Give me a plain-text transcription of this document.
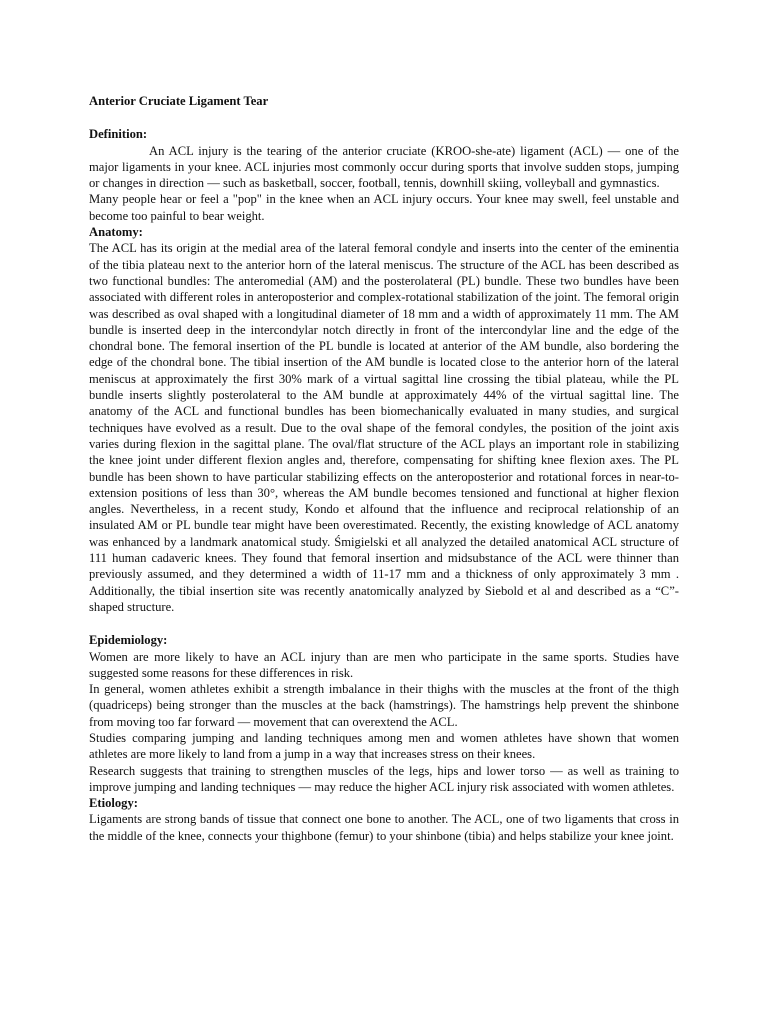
Anterior Cruciate Ligament Tear

Definition:

An ACL injury is the tearing of the anterior cruciate (KROO-she-ate) ligament (ACL) — one of the major ligaments in your knee. ACL injuries most commonly occur during sports that involve sudden stops, jumping or changes in direction — such as basketball, soccer, football, tennis, downhill skiing, volleyball and gymnastics.

Many people hear or feel a "pop" in the knee when an ACL injury occurs. Your knee may swell, feel unstable and become too painful to bear weight.

Anatomy:

The ACL has its origin at the medial area of the lateral femoral condyle and inserts into the center of the eminentia of the tibia plateau next to the anterior horn of the lateral meniscus. The structure of the ACL has been described as two functional bundles: The anteromedial (AM) and the posterolateral (PL) bundle. These two bundles have been associated with different roles in anteroposterior and complex-rotational stabilization of the joint. The femoral origin was described as oval shaped with a longitudinal diameter of 18 mm and a width of approximately 11 mm. The AM bundle is inserted deep in the intercondylar notch directly in front of the intercondylar line and the edge of the chondral bone. The femoral insertion of the PL bundle is located at anterior of the AM bundle, also bordering the edge of the chondral bone. The tibial insertion of the AM bundle is located close to the anterior horn of the lateral meniscus at approximately the first 30% mark of a virtual sagittal line crossing the tibial plateau, while the PL bundle inserts slightly posterolateral to the AM bundle at approximately 44% of the virtual sagittal line. The anatomy of the ACL and functional bundles has been biomechanically evaluated in many studies, and surgical techniques have evolved as a result. Due to the oval shape of the femoral condyles, the position of the joint axis varies during flexion in the sagittal plane. The oval/flat structure of the ACL plays an important role in stabilizing the knee joint under different flexion angles and, therefore, compensating for shifting knee flexion axes. The PL bundle has been shown to have particular stabilizing effects on the anteroposterior and rotational forces in near-to-extension positions of less than 30°, whereas the AM bundle becomes tensioned and functional at higher flexion angles. Nevertheless, in a recent study, Kondo et alfound that the influence and reciprocal relationship of an insulated AM or PL bundle tear might have been overestimated. Recently, the existing knowledge of ACL anatomy was enhanced by a landmark anatomical study. Śmigielski et all analyzed the detailed anatomical ACL structure of 111 human cadaveric knees. They found that femoral insertion and midsubstance of the ACL were thinner than previously assumed, and they determined a width of 11-17 mm and a thickness of only approximately 3 mm . Additionally, the tibial insertion site was recently anatomically analyzed by Siebold et al and described as a “C”-shaped structure.

Epidemiology:

Women are more likely to have an ACL injury than are men who participate in the same sports. Studies have suggested some reasons for these differences in risk.

In general, women athletes exhibit a strength imbalance in their thighs with the muscles at the front of the thigh (quadriceps) being stronger than the muscles at the back (hamstrings). The hamstrings help prevent the shinbone from moving too far forward — movement that can overextend the ACL.

Studies comparing jumping and landing techniques among men and women athletes have shown that women athletes are more likely to land from a jump in a way that increases stress on their knees.

Research suggests that training to strengthen muscles of the legs, hips and lower torso — as well as training to improve jumping and landing techniques — may reduce the higher ACL injury risk associated with women athletes.

Etiology:

Ligaments are strong bands of tissue that connect one bone to another. The ACL, one of two ligaments that cross in the middle of the knee, connects your thighbone (femur) to your shinbone (tibia) and helps stabilize your knee joint.
